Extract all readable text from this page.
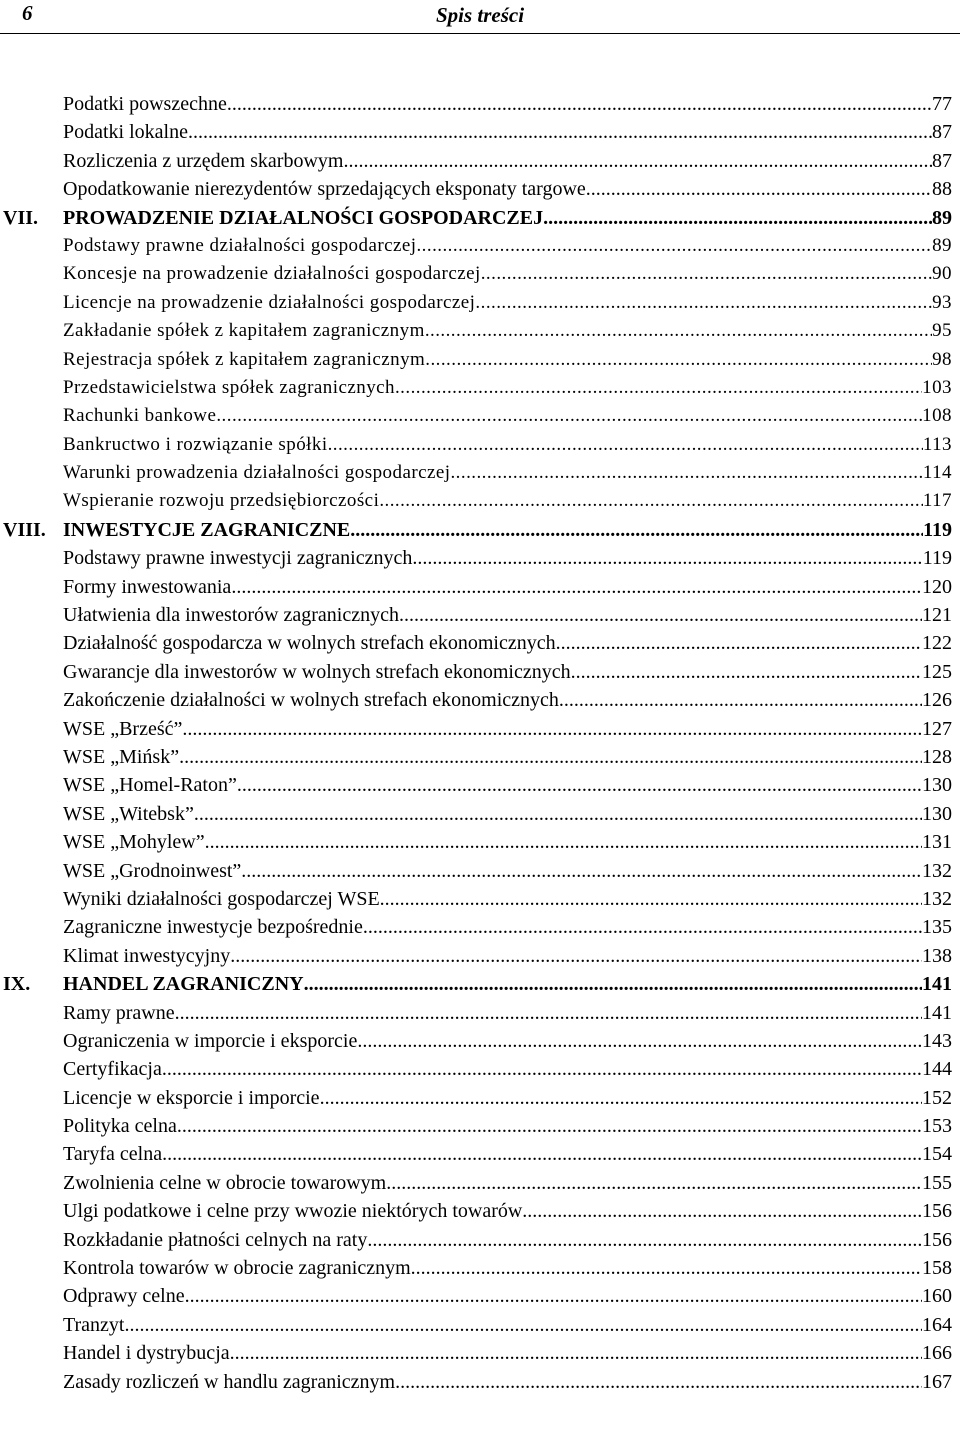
6	Spis treści
Podatki powszechne .....	77
Podatki lokalne .....	87
Rozliczenia z urzędem skarbowym .....	87
Opodatkowanie nierezydentów sprzedających eksponaty targowe .....	88
VII. PROWADZENIE DZIAŁALNOŚCI GOSPODARCZEJ .....	89
Podstawy prawne działalności gospodarczej .....	89
Koncesje na prowadzenie działalności gospodarczej .....	90
Licencje na prowadzenie działalności gospodarczej .....	93
Zakładanie spółek z kapitałem zagranicznym .....	95
Rejestracja spółek z kapitałem zagranicznym .....	98
Przedstawicielstwa spółek zagranicznych .....	103
Rachunki bankowe .....	108
Bankructwo i rozwiązanie spółki .....	113
Warunki prowadzenia działalności gospodarczej .....	114
Wspieranie rozwoju przedsiębiorczości .....	117
VIII. INWESTYCJE ZAGRANICZNE .....	119
Podstawy prawne inwestycji zagranicznych .....	119
Formy inwestowania .....	120
Ułatwienia dla inwestorów zagranicznych .....	121
Działalność gospodarcza w wolnych strefach ekonomicznych .....	122
Gwarancje dla inwestorów w wolnych strefach ekonomicznych .....	125
Zakończenie działalności w wolnych strefach ekonomicznych .....	126
WSE „Brześć” .....	127
WSE „Mińsk” .....	128
WSE „Homel-Raton” .....	130
WSE „Witebsk” .....	130
WSE „Mohylew” .....	131
WSE „Grodnoinwest” .....	132
Wyniki działalności gospodarczej WSE .....	132
Zagraniczne inwestycje bezpośrednie .....	135
Klimat inwestycyjny .....	138
IX. HANDEL ZAGRANICZNY .....	141
Ramy prawne .....	141
Ograniczenia w imporcie i eksporcie .....	143
Certyfikacja .....	144
Licencje w eksporcie i imporcie .....	152
Polityka celna .....	153
Taryfa celna .....	154
Zwolnienia celne w obrocie towarowym .....	155
Ulgi podatkowe i celne przy wwozie niektórych towarów .....	156
Rozkładanie płatności celnych na raty .....	156
Kontrola towarów w obrocie zagranicznym .....	158
Odprawy celne .....	160
Tranzyt .....	164
Handel i dystrybucja .....	166
Zasady rozliczeń w handlu zagranicznym .....	167
